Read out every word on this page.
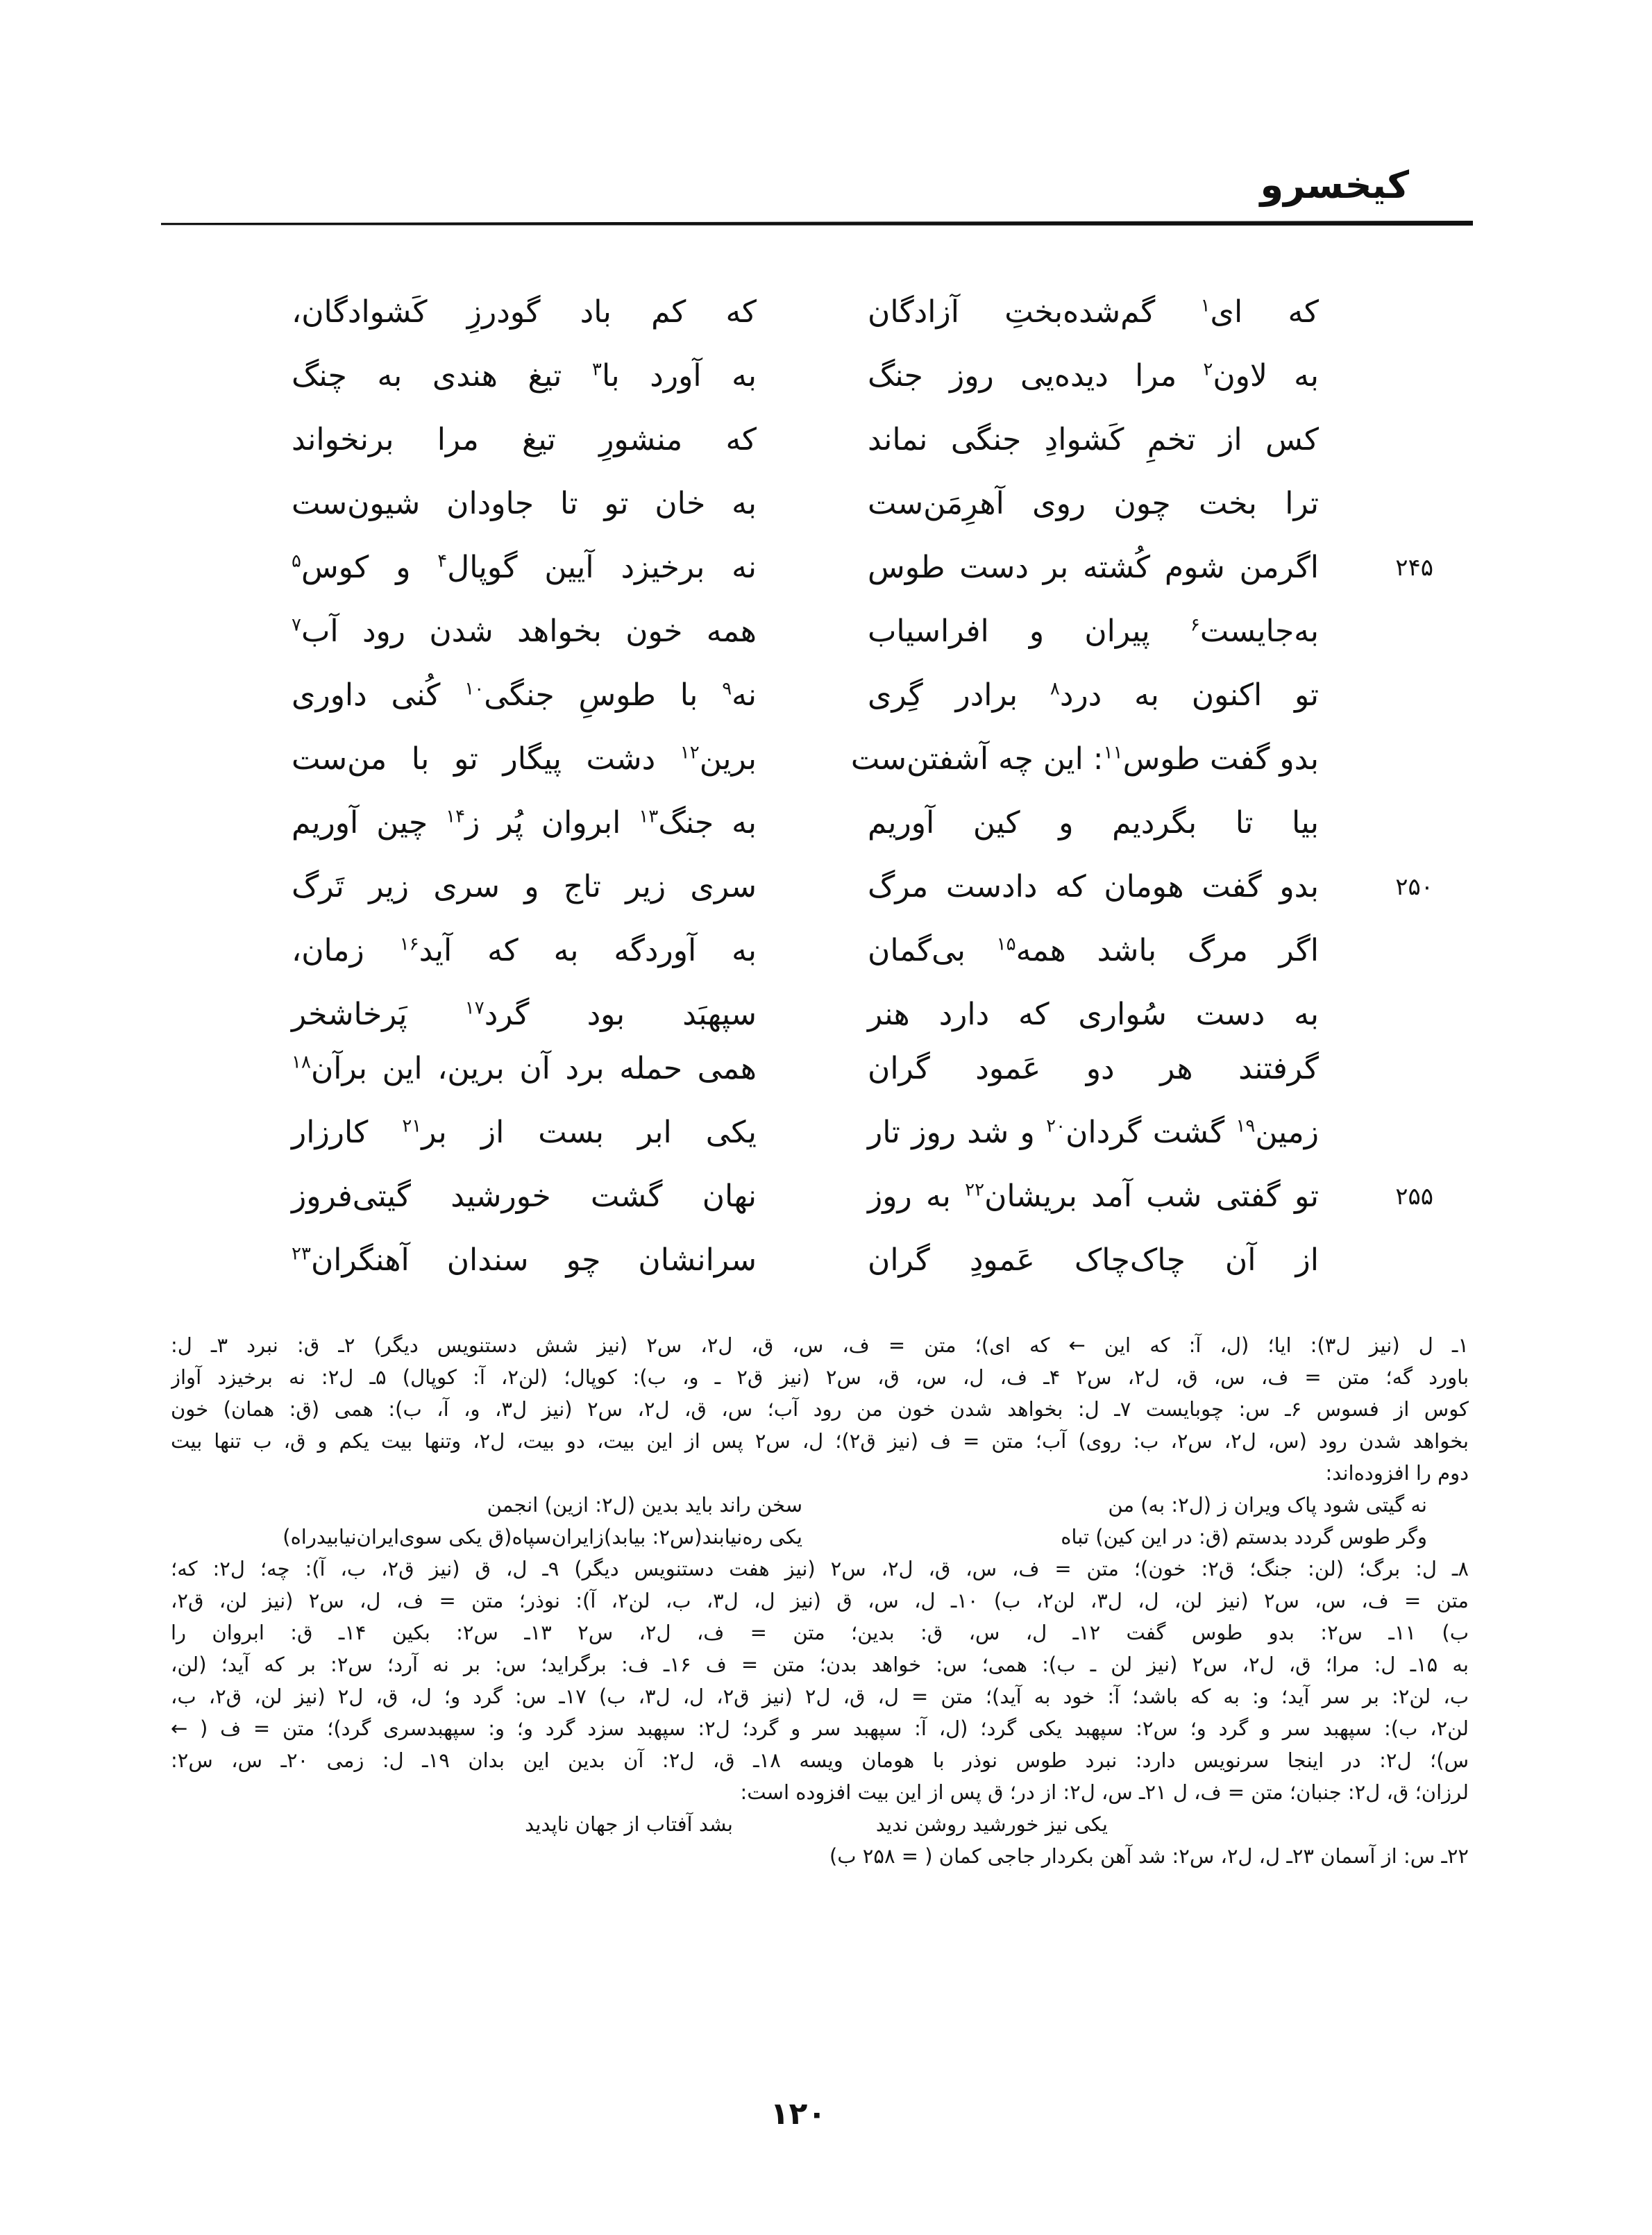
کیخسرو
که ای$^۱$ گم‌شده‌بختِ آزادگان
که کم باد گودرزِ کَشوادگان،
به لاون$^۲$ مرا دیده‌یی روز جنگ
به آورد با$^۳$ تیغ هندی به چنگ
کس از تخمِ کَشوادِ جنگی نماند
که منشورِ تیغ مرا برنخواند
ترا بخت چون روی آهرِمَن‌ست
به خان تو تا جاودان شیون‌ست
۲۴۵
اگرمن شوم کُشته بر دست طوس
نه برخیزد آیین گوپال$^۴$ و کوس$^۵$
به‌جایست$^۶$ پیران و افراسیاب
همه خون بخواهد شدن رود آب$^۷$
تو اکنون به درد$^۸$ برادر گِری
نه$^۹$ با طوسِ جنگی$^{۱۰}$ کُنی داوری
بدو گفت طوس$^{۱۱}$: این چه آشفتن‌ست
برین$^{۱۲}$ دشت پیگار تو با من‌ست
بیا تا بگردیم و کین آوریم
به جنگ$^{۱۳}$ ابروان پُر ز$^{۱۴}$ چین آوریم
۲۵۰
بدو گفت هومان که دادست مرگ
سری زیر تاج و سری زیر تَرگ
اگر مرگ باشد همه$^{۱۵}$ بی‌گمان
به آوردگه به که آید$^{۱۶}$ زمان،
به دست سُواری که دارد هنر
سپهبَد بود گرد$^{۱۷}$ پَرخاشخر
گرفتند هر دو عَمود گران
همی حمله برد آن برین، این برآن$^{۱۸}$
زمین$^{۱۹}$ گشت گردان$^{۲۰}$ و شد روز تار
یکی ابر بست از بر$^{۲۱}$ کارزار
۲۵۵
تو گفتی شب آمد بریشان$^{۲۲}$ به روز
نهان گشت خورشید گیتی‌فروز
از آن چاک‌چاک عَمودِ گران
سرانشان چو سندان آهنگران$^{۲۳}$
۱ـ ل (نیز ل۳): ایا؛ (ل، آ: که این ← که ای)؛ متن = ف، س، ق، ل۲، س۲ (نیز شش دستنویس دیگر) ۲ـ ق: نبرد ۳ـ ل:
باورد گه؛ متن = ف، س، ق، ل۲، س۲ ۴ـ ف، ل، س، ق، س۲ (نیز ق۲ ـ و، ب): کوپال؛ (لن۲، آ: کوپال) ۵ـ ل۲: نه برخیزد آواز
کوس از فسوس ۶ـ س: چوبایست ۷ـ ل: بخواهد شدن خون من رود آب؛ س، ق، ل۲، س۲ (نیز ل۳، و، آ، ب): همی (ق: همان) خون
بخواهد شدن رود (س، ل۲، س۲، ب: روی) آب؛ متن = ف (نیز ق۲)؛ ل، س۲ پس از این بیت، دو بیت، ل۲، وتنها بیت یکم و ق، ب تنها بیت
دوم را افزوده‌اند:
نه گیتی شود پاک ویران ز (ل۲: به) من
سخن راند باید بدین (ل۲: ازین) انجمن
وگر طوس گردد بدستم (ق: در این کین) تباه
یکی ره‌نیابند(س۲: بیابد)زایران‌سپاه(ق یکی سوی‌ایران‌نیابیدراه)
۸ـ ل: برگ؛ (لن: جنگ؛ ق۲: خون)؛ متن = ف، س، ق، ل۲، س۲ (نیز هفت دستنویس دیگر) ۹ـ ل، ق (نیز ق۲، ب، آ): چه؛ ل۲: که؛
متن = ف، س، س۲ (نیز لن، ل، ل۳، لن۲، ب) ۱۰ـ ل، س، ق (نیز ل، ل۳، ب، لن۲، آ): نوذر؛ متن = ف، ل، س۲ (نیز لن، ق۲،
ب) ۱۱ـ س۲: بدو طوس گفت ۱۲ـ ل، س، ق: بدین؛ متن = ف، ل۲، س۲ ۱۳ـ س۲: بکین ۱۴ـ ق: ابروان را
به ۱۵ـ ل: مرا؛ ق، ل۲، س۲ (نیز لن ـ ب): همی؛ س: خواهد بدن؛ متن = ف ۱۶ـ ف: برگراید؛ س: بر نه آرد؛ س۲: بر که آید؛ (لن،
ب، لن۲: بر سر آید؛ و: به که باشد؛ آ: خود به آید)؛ متن = ل، ق، ل۲ (نیز ق۲، ل، ل۳، ب) ۱۷ـ س: گرد و؛ ل، ق، ل۲ (نیز لن، ق۲، ب،
لن۲، ب): سپهبد سر و گرد و؛ س۲: سپهبد یکی گرد؛ (ل، آ: سپهبد سر و گرد؛ ل۲: سپهبد سزد گرد و؛ و: سپهبدسری گرد)؛ متن = ف ( ←
س)؛ ل۲: در اینجا سرنویس دارد: نبرد طوس نوذر با هومان ویسه ۱۸ـ ق، ل۲: آن بدین این بدان ۱۹ـ ل: زمی ۲۰ـ س، س۲:
لرزان؛ ق، ل۲: جنبان؛ متن = ف، ل ۲۱ـ س، ل۲: از در؛ ق پس از این بیت افزوده است:
یکی نیز خورشید روشن ندید
بشد آفتاب از جهان ناپدید
۲۲ـ س: از آسمان ۲۳ـ ل، ل۲، س۲: شد آهن بکردار جاجی کمان ( = ۲۵۸ ب)
۱۲۰
